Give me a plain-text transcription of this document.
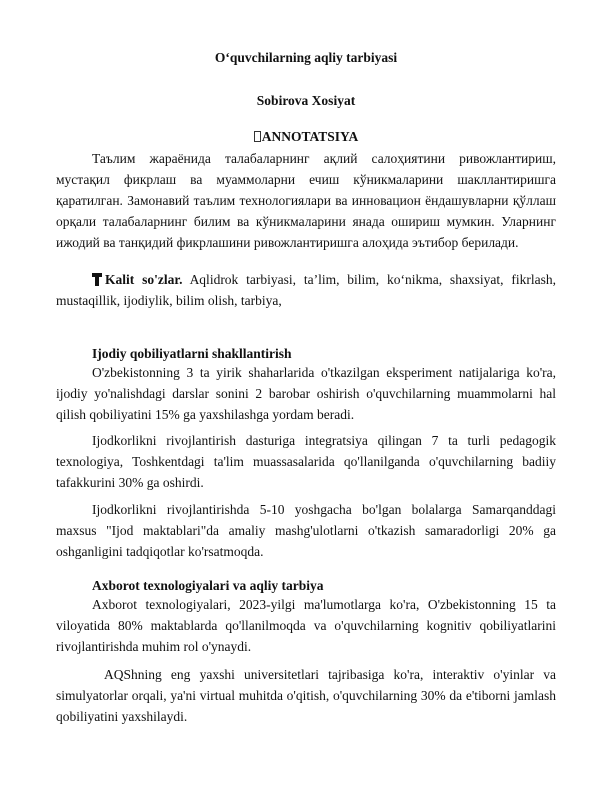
O‘quvchilarning aqliy tarbiyasi
Sobirova Xosiyat
ANNOTATSIYA

Таълим жараёнида талабаларнинг ақлий салоҳиятини ривожлантириш, мустақил фикрлаш ва муаммоларни ечиш кўникмаларини шакллантиришга қаратилган. Замонавий таълим технологиялари ва инновацион ёндашувларни қўллаш орқали талабаларнинг билим ва кўникмаларини янада ошириш мумкин. Уларнинг ижодий ва танқидий фикрлашини ривожлантиришга алоҳида эътибор берилади.

Kalit so'zlar. Aqlidrok tarbiyasi, ta’lim, bilim, ko‘nikma, shaxsiyat, fikrlash, mustaqillik, ijodiylik, bilim olish, tarbiya,

Ijodiy qobiliyatlarni shakllantirish

O'zbekistonning 3 ta yirik shaharlarida o'tkazilgan eksperiment natijalariga ko'ra, ijodiy yo'nalishdagi darslar sonini 2 barobar oshirish o'quvchilarning muammolarni hal qilish qobiliyatini 15% ga yaxshilashga yordam beradi.

Ijodkorlikni rivojlantirish dasturiga integratsiya qilingan 7 ta turli pedagogik texnologiya, Toshkentdagi ta'lim muassasalarida qo'llanilganda o'quvchilarning badiiy tafakkurini 30% ga oshirdi.

Ijodkorlikni rivojlantirishda 5-10 yoshgacha bo'lgan bolalarga Samarqanddagi maxsus "Ijod maktablari"da amaliy mashg'ulotlarni o'tkazish samaradorligi 20% ga oshganligini tadqiqotlar ko'rsatmoqda.

Axborot texnologiyalari va aqliy tarbiya

Axborot texnologiyalari, 2023-yilgi ma'lumotlarga ko'ra, O'zbekistonning 15 ta viloyatida 80% maktablarda qo'llanilmoqda va o'quvchilarning kognitiv qobiliyatlarini rivojlantirishda muhim rol o'ynaydi.

AQShning eng yaxshi universitetlari tajribasiga ko'ra, interaktiv o'yinlar va simulyatorlar orqali, ya'ni virtual muhitda o'qitish, o'quvchilarning 30% da e'tiborni jamlash qobiliyatini yaxshilaydi.
